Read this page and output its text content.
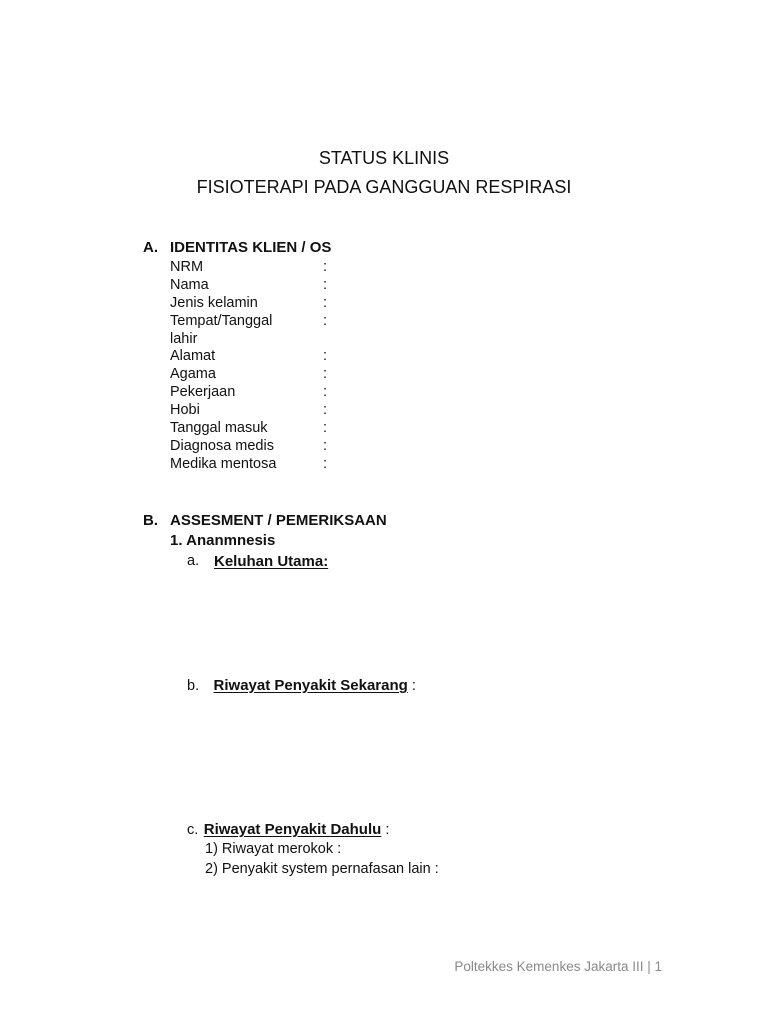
STATUS KLINIS
FISIOTERAPI PADA GANGGUAN RESPIRASI
A. IDENTITAS KLIEN / OS
NRM	:
Nama	:
Jenis kelamin	:
Tempat/Tanggal	:
lahir
Alamat	:
Agama	:
Pekerjaan	:
Hobi	:
Tanggal masuk	:
Diagnosa medis	:
Medika mentosa	:
B. ASSESMENT / PEMERIKSAAN
1. Ananmnesis
a. Keluhan Utama:
b. Riwayat Penyakit Sekarang :
c. Riwayat Penyakit Dahulu :
1) Riwayat merokok :
2) Penyakit system pernafasan lain :
Poltekkes Kemenkes Jakarta III | 1
